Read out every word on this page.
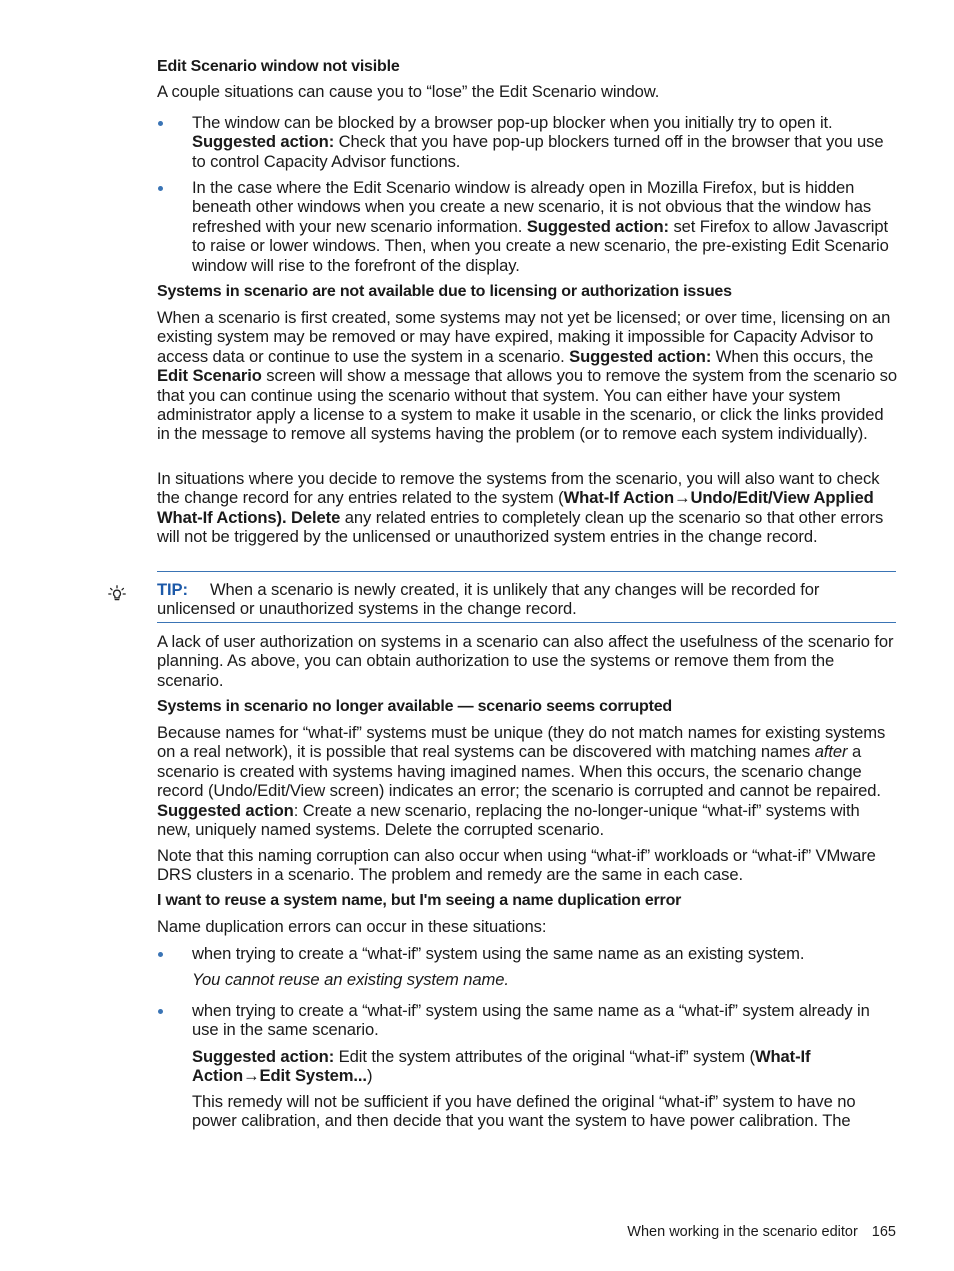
Edit Scenario window not visible

A couple situations can cause you to “lose” the Edit Scenario window.

The window can be blocked by a browser pop-up blocker when you initially try to open it. Suggested action: Check that you have pop-up blockers turned off in the browser that you use to control Capacity Advisor functions.

In the case where the Edit Scenario window is already open in Mozilla Firefox, but is hidden beneath other windows when you create a new scenario, it is not obvious that the window has refreshed with your new scenario information. Suggested action: set Firefox to allow Javascript to raise or lower windows. Then, when you create a new scenario, the pre-existing Edit Scenario window will rise to the forefront of the display.

Systems in scenario are not available due to licensing or authorization issues

When a scenario is first created, some systems may not yet be licensed; or over time, licensing on an existing system may be removed or may have expired, making it impossible for Capacity Advisor to access data or continue to use the system in a scenario. Suggested action: When this occurs, the Edit Scenario screen will show a message that allows you to remove the system from the scenario so that you can continue using the scenario without that system. You can either have your system administrator apply a license to a system to make it usable in the scenario, or click the links provided in the message to remove all systems having the problem (or to remove each system individually).

In situations where you decide to remove the systems from the scenario, you will also want to check the change record for any entries related to the system (What-If Action→Undo/Edit/View Applied What-If Actions). Delete any related entries to completely clean up the scenario so that other errors will not be triggered by the unlicensed or unauthorized system entries in the change record.

TIP: When a scenario is newly created, it is unlikely that any changes will be recorded for unlicensed or unauthorized systems in the change record.

A lack of user authorization on systems in a scenario can also affect the usefulness of the scenario for planning. As above, you can obtain authorization to use the systems or remove them from the scenario.

Systems in scenario no longer available — scenario seems corrupted

Because names for “what-if” systems must be unique (they do not match names for existing systems on a real network), it is possible that real systems can be discovered with matching names after a scenario is created with systems having imagined names. When this occurs, the scenario change record (Undo/Edit/View screen) indicates an error; the scenario is corrupted and cannot be repaired. Suggested action: Create a new scenario, replacing the no-longer-unique “what-if” systems with new, uniquely named systems. Delete the corrupted scenario.

Note that this naming corruption can also occur when using “what-if” workloads or “what-if” VMware DRS clusters in a scenario. The problem and remedy are the same in each case.

I want to reuse a system name, but I'm seeing a name duplication error

Name duplication errors can occur in these situations:

when trying to create a “what-if” system using the same name as an existing system.

You cannot reuse an existing system name.

when trying to create a “what-if” system using the same name as a “what-if” system already in use in the same scenario.

Suggested action: Edit the system attributes of the original “what-if” system (What-If Action→Edit System...)

This remedy will not be sufficient if you have defined the original “what-if” system to have no power calibration, and then decide that you want the system to have power calibration. The

When working in the scenario editor 165
